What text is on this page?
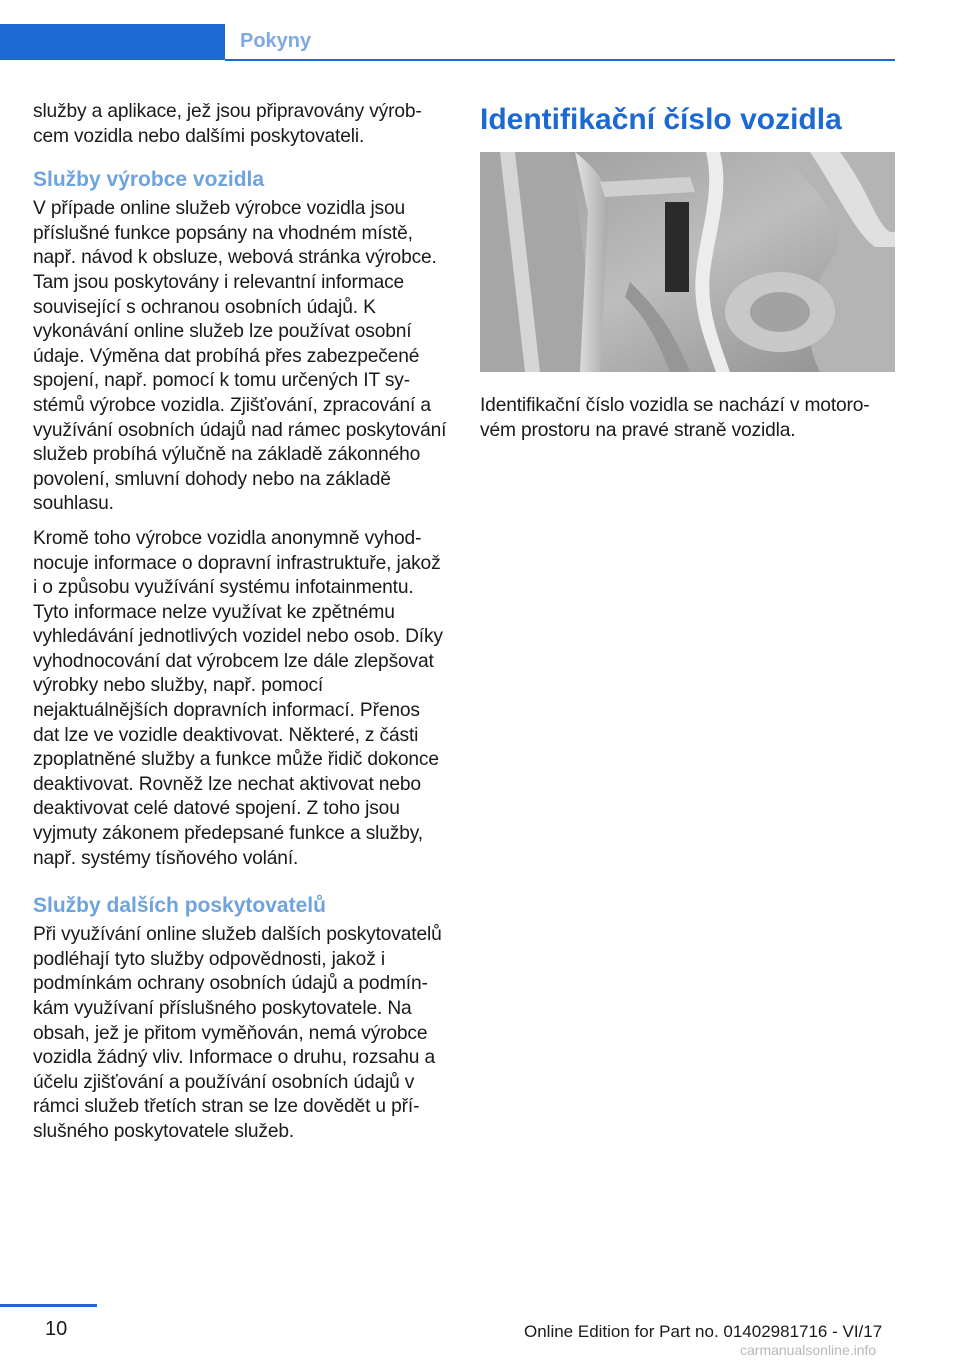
Pokyny

služby a aplikace, jež jsou připravovány výrobcem vozidla nebo dalšími poskytovateli.

Služby výrobce vozidla

V případe online služeb výrobce vozidla jsou příslušné funkce popsány na vhodném místě, např. návod k obsluze, webová stránka výrobce. Tam jsou poskytovány i relevantní informace související s ochranou osobních údajů. K vykonávání online služeb lze používat osobní údaje. Výměna dat probíhá přes zabezpečené spojení, např. pomocí k tomu určených IT systémů výrobce vozidla. Zjišťování, zpracování a využívání osobních údajů nad rámec poskytování služeb probíhá výlučně na základě zákonného povolení, smluvní dohody nebo na základě souhlasu.

Kromě toho výrobce vozidla anonymně vyhodnocuje informace o dopravní infrastruktuře, jakož i o způsobu využívání systému infotainmentu. Tyto informace nelze využívat ke zpětnému vyhledávání jednotlivých vozidel nebo osob. Díky vyhodnocování dat výrobcem lze dále zlepšovat výrobky nebo služby, např. pomocí nejaktuálnějších dopravních informací. Přenos dat lze ve vozidle deaktivovat. Některé, z části zpoplatněné služby a funkce může řidič dokonce deaktivovat. Rovněž lze nechat aktivovat nebo deaktivovat celé datové spojení. Z toho jsou vyjmuty zákonem předepsané funkce a služby, např. systémy tísňového volání.

Služby dalších poskytovatelů

Při využívání online služeb dalších poskytovatelů podléhají tyto služby odpovědnosti, jakož i podmínkám ochrany osobních údajů a podmínkám využívaní příslušného poskytovatele. Na obsah, jež je přitom vyměňován, nemá výrobce vozidla žádný vliv. Informace o druhu, rozsahu a účelu zjišťování a používání osobních údajů v rámci služeb třetích stran se lze dovědět u příslušného poskytovatele služeb.

Identifikační číslo vozidla

Identifikační číslo vozidla se nachází v motorovém prostoru na pravé straně vozidla.

10	Online Edition for Part no. 01402981716 - VI/17
carmanualsonline.info
